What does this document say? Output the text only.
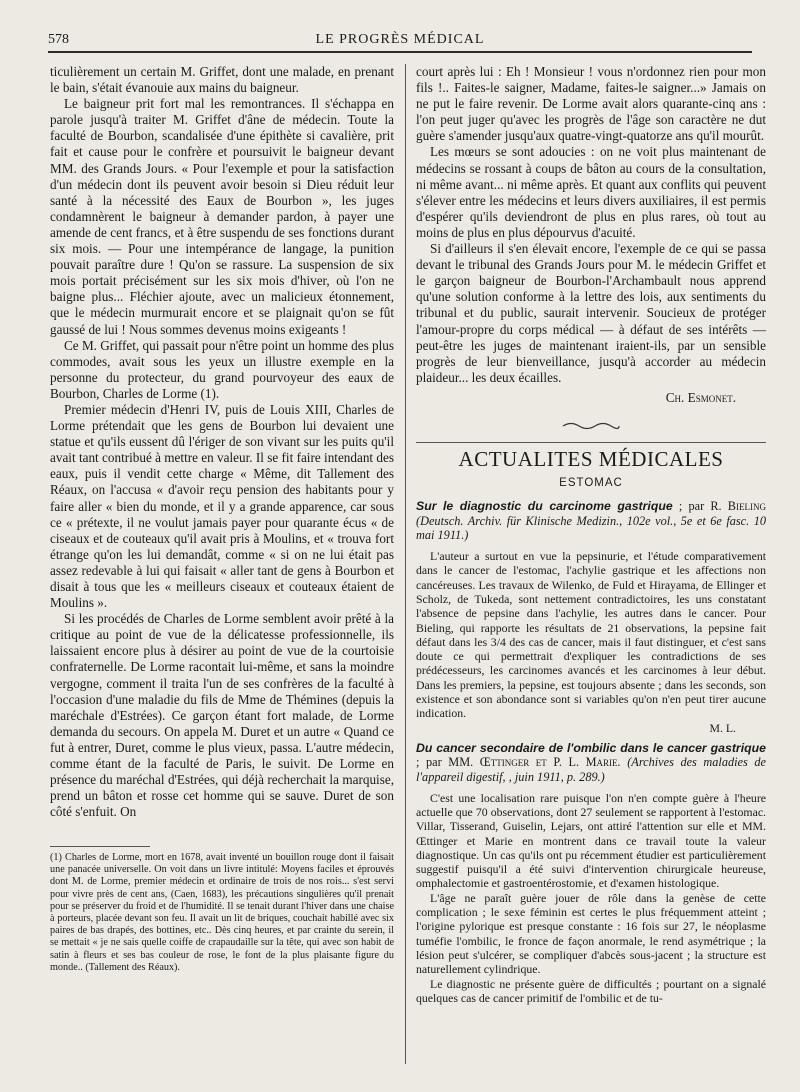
578	LE PROGRÈS MÉDICAL

ticulièrement un certain M. Griffet, dont une malade, en prenant le bain, s'était évanouie aux mains du baigneur.

Le baigneur prit fort mal les remontrances. Il s'échappa en parole jusqu'à traiter M. Griffet d'âne de médecin. Toute la faculté de Bourbon, scandalisée d'une épithète si cavalière, prit fait et cause pour le confrère et poursuivit le baigneur devant MM. des Grands Jours. « Pour l'exemple et pour la satisfaction d'un médecin dont ils peuvent avoir besoin si Dieu réduit leur santé à la nécessité des Eaux de Bourbon », les juges condamnèrent le baigneur à demander pardon, à payer une amende de cent francs, et à être suspendu de ses fonctions durant six mois. — Pour une intempérance de langage, la punition pouvait paraître dure ! Qu'on se rassure. La suspension de six mois portait précisément sur les six mois d'hiver, où l'on ne baigne plus... Fléchier ajoute, avec un malicieux étonnement, que le médecin murmurait encore et se plaignait qu'on se fût gaussé de lui ! Nous sommes devenus moins exigeants !

Ce M. Griffet, qui passait pour n'être point un homme des plus commodes, avait sous les yeux un illustre exemple en la personne du protecteur, du grand pourvoyeur des eaux de Bourbon, Charles de Lorme (1).

Premier médecin d'Henri IV, puis de Louis XIII, Charles de Lorme prétendait que les gens de Bourbon lui devaient une statue et qu'ils eussent dû l'ériger de son vivant sur les puits qu'il avait tant contribué à mettre en valeur. Il se fit faire intendant des eaux, puis il vendit cette charge « Même, dit Tallement des Réaux, on l'accusa « d'avoir reçu pension des habitants pour y faire aller « bien du monde, et il y a grande apparence, car sous ce « prétexte, il ne voulut jamais payer pour quarante écus « de ciseaux et de couteaux qu'il avait pris à Moulins, et « trouva fort étrange qu'on les lui demandât, comme « si on ne lui était pas assez redevable à lui qui faisait « aller tant de gens à Bourbon et disait à tous que les « meilleurs ciseaux et couteaux étaient de Moulins ».

Si les procédés de Charles de Lorme semblent avoir prêté à la critique au point de vue de la délicatesse professionnelle, ils laissaient encore plus à désirer au point de vue de la courtoisie confraternelle. De Lorme racontait lui-même, et sans la moindre vergogne, comment il traita l'un de ses confrères de la faculté à l'occasion d'une maladie du fils de Mme de Thémines (depuis la maréchale d'Estrées). Ce garçon étant fort malade, de Lorme demanda du secours. On appela M. Duret et un autre « Quand ce fut à entrer, Duret, comme le plus vieux, passa. L'autre médecin, comme étant de la faculté de Paris, le suivit. De Lorme en présence du maréchal d'Estrées, qui déjà recherchait la marquise, prend un bâton et rosse cet homme qui se sauve. Duret de son côté s'enfuit. On

(1) Charles de Lorme, mort en 1678, avait inventé un bouillon rouge dont il faisait une panacée universelle. On voit dans un livre intitulé: Moyens faciles et éprouvés dont M. de Lorme, premier médecin et ordinaire de trois de nos rois... s'est servi pour vivre près de cent ans, (Caen, 1683), les précautions singulières qu'il prenait pour se préserver du froid et de l'humidité. Il se tenait durant l'hiver dans une chaise à porteurs, placée devant son feu. Il avait un lit de briques, couchait habillé avec six paires de bas drapés, des bottines, etc.. Dès cinq heures, et par crainte du serein, il se mettait « je ne sais quelle coiffe de crapaudaille sur la tête, qui avec son habit de satin à fleurs et ses bas couleur de rose, le font de la plus plaisante figure du monde.. (Tallement des Réaux).

court après lui : Eh ! Monsieur ! vous n'ordonnez rien pour mon fils !.. Faites-le saigner, Madame, faites-le saigner...» Jamais on ne put le faire revenir. De Lorme avait alors quarante-cinq ans : l'on peut juger qu'avec les progrès de l'âge son caractère ne dut guère s'amender jusqu'aux quatre-vingt-quatorze ans qu'il mourût.

Les mœurs se sont adoucies : on ne voit plus maintenant de médecins se rossant à coups de bâton au cours de la consultation, ni même avant... ni même après. Et quant aux conflits qui peuvent s'élever entre les médecins et leurs divers auxiliaires, il est permis d'espérer qu'ils deviendront de plus en plus rares, où tout au moins de plus en plus dépourvus d'acuité.

Si d'ailleurs il s'en élevait encore, l'exemple de ce qui se passa devant le tribunal des Grands Jours pour M. le médecin Griffet et le garçon baigneur de Bourbon-l'Archambault nous apprend qu'une solution conforme à la lettre des lois, aux sentiments du tribunal et du public, saurait intervenir. Soucieux de protéger l'amour-propre du corps médical — à défaut de ses intérêts — peut-être les juges de maintenant iraient-ils, par un sensible progrès de leur bienveillance, jusqu'à accorder au médecin plaideur... les deux écailles.

Ch. Esmonet.

ACTUALITES MÉDICALES
ESTOMAC
Sur le diagnostic du carcinome gastrique ; par R. Bieling (Deutsch. Archiv. für Klinische Medizin., 102e vol., 5e et 6e fasc. 10 mai 1911.)

L'auteur a surtout en vue la pepsinurie, et l'étude comparativement dans le cancer de l'estomac, l'achylie gastrique et les affections non cancéreuses. Les travaux de Wilenko, de Fuld et Hirayama, de Ellinger et Scholz, de Tukeda, sont nettement contradictoires, les uns constatant l'absence de pepsine dans l'achylie, les autres dans le cancer. Pour Bieling, qui rapporte les résultats de 21 observations, la pepsine fait défaut dans les 3/4 des cas de cancer, mais il faut distinguer, et c'est sans doute ce qui permettrait d'expliquer les contradictions de ses prédécesseurs, les carcinomes avancés et les carcinomes à leur début. Dans les premiers, la pepsine, est toujours absente ; dans les seconds, son existence et son abondance sont si variables qu'on n'en peut tirer aucune indication.

M. L.

Du cancer secondaire de l'ombilic dans le cancer gastrique ; par MM. Œttinger et P. L. Marie. (Archives des maladies de l'appareil digestif, , juin 1911, p. 289.)

C'est une localisation rare puisque l'on n'en compte guère à l'heure actuelle que 70 observations, dont 27 seulement se rapportent à l'estomac. Villar, Tisserand, Guiselin, Lejars, ont attiré l'attention sur elle et MM. Œttinger et Marie en montrent dans ce travail toute la valeur diagnostique. Un cas qu'ils ont pu récemment étudier est particulièrement suggestif puisqu'il a été suivi d'intervention chirurgicale heureuse, omphalectomie et gastroentérostomie, et d'examen histologique.

L'âge ne paraît guère jouer de rôle dans la genèse de cette complication ; le sexe féminin est certes le plus fréquemment atteint ; l'origine pylorique est presque constante : 16 fois sur 27, le néoplasme tuméfie l'ombilic, le fronce de façon anormale, le rend asymétrique ; la lésion peut s'ulcérer, se compliquer d'abcès sous-jacent ; la structure est naturellement cylindrique.

Le diagnostic ne présente guère de difficultés ; pourtant on a signalé quelques cas de cancer primitif de l'ombilic et de tu-
